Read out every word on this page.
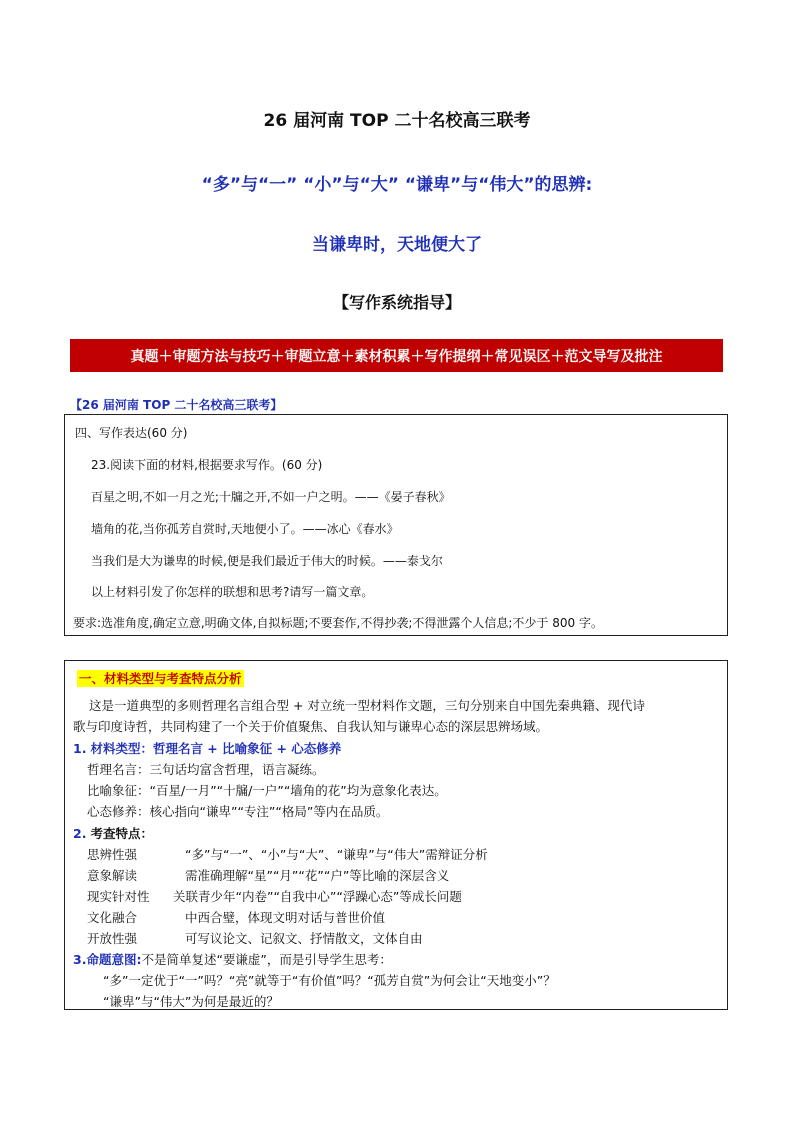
26 届河南 TOP 二十名校高三联考
“多”与“一” “小”与“大” “谦卑”与“伟大”的思辨:
当谦卑时，天地便大了
【写作系统指导】
真题＋审题方法与技巧＋审题立意＋素材积累＋写作提纲＋常见误区＋范文导写及批注
【26 届河南 TOP 二十名校高三联考】
四、写作表达(60 分)
23.阅读下面的材料,根据要求写作。(60 分)
百星之明,不如一月之光;十牖之开,不如一户之明。——《晏子春秋》
墙角的花,当你孤芳自赏时,天地便小了。——冰心《春水》
当我们是大为谦卑的时候,便是我们最近于伟大的时候。——泰戈尔
以上材料引发了你怎样的联想和思考?请写一篇文章。
要求:选准角度,确定立意,明确文体,自拟标题;不要套作,不得抄袭;不得泄露个人信息;不少于 800 字。
一、材料类型与考查特点分析
这是一道典型的多则哲理名言组合型 + 对立统一型材料作文题，三句分别来自中国先秦典籍、现代诗
歌与印度诗哲，共同构建了一个关于价值聚焦、自我认知与谦卑心态的深层思辨场域。
1. 材料类型：哲理名言 + 比喻象征 + 心态修养
哲理名言：三句话均富含哲理，语言凝练。
比喻象征：“百星/一月”“十牖/一户”“墙角的花”均为意象化表达。
心态修养：核心指向“谦卑”“专注”“格局”等内在品质。
2. 考查特点：
思辨性强	“多”与“一”、“小”与“大”、“谦卑”与“伟大”需辩证分析
意象解读	需准确理解“星”“月”“花”“户”等比喻的深层含义
现实针对性 关联青少年“内卷”“自我中心”“浮躁心态”等成长问题
文化融合	中西合璧，体现文明对话与普世价值
开放性强	可写议论文、记叙文、抒情散文，文体自由
3.命题意图:不是简单复述“要谦虚”，而是引导学生思考：
“多”一定优于“一”吗？“亮”就等于“有价值”吗？“孤芳自赏”为何会让“天地变小”？
“谦卑”与“伟大”为何是最近的？
